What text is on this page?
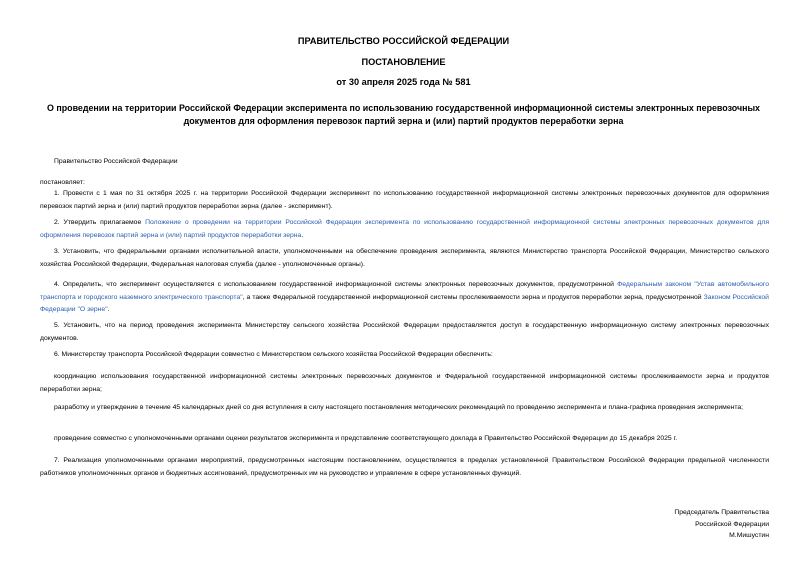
ПРАВИТЕЛЬСТВО РОССИЙСКОЙ ФЕДЕРАЦИИ
ПОСТАНОВЛЕНИЕ
от 30 апреля 2025 года № 581
О проведении на территории Российской Федерации эксперимента по использованию государственной информационной системы электронных перевозочных документов для оформления перевозок партий зерна и (или) партий продуктов переработки зерна
Правительство Российской Федерации
постановляет:
1. Провести с 1 мая по 31 октября 2025 г. на территории Российской Федерации эксперимент по использованию государственной информационной системы электронных перевозочных документов для оформления перевозок партий зерна и (или) партий продуктов переработки зерна (далее - эксперимент).
2. Утвердить прилагаемое Положение о проведении на территории Российской Федерации эксперимента по использованию государственной информационной системы электронных перевозочных документов для оформления перевозок партий зерна и (или) партий продуктов переработки зерна.
3. Установить, что федеральными органами исполнительной власти, уполномоченными на обеспечение проведения эксперимента, являются Министерство транспорта Российской Федерации, Министерство сельского хозяйства Российской Федерации, Федеральная налоговая служба (далее - уполномоченные органы).
4. Определить, что эксперимент осуществляется с использованием государственной информационной системы электронных перевозочных документов, предусмотренной Федеральным законом "Устав автомобильного транспорта и городского наземного электрического транспорта", а также Федеральной государственной информационной системы прослеживаемости зерна и продуктов переработки зерна, предусмотренной Законом Российской Федерации "О зерне".
5. Установить, что на период проведения эксперимента Министерству сельского хозяйства Российской Федерации предоставляется доступ в государственную информационную систему электронных перевозочных документов.
6. Министерству транспорта Российской Федерации совместно с Министерством сельского хозяйства Российской Федерации обеспечить:
координацию использования государственной информационной системы электронных перевозочных документов и Федеральной государственной информационной системы прослеживаемости зерна и продуктов переработки зерна;
разработку и утверждение в течение 45 календарных дней со дня вступления в силу настоящего постановления методических рекомендаций по проведению эксперимента и плана-графика проведения эксперимента;
проведение совместно с уполномоченными органами оценки результатов эксперимента и представление соответствующего доклада в Правительство Российской Федерации до 15 декабря 2025 г.
7. Реализация уполномоченными органами мероприятий, предусмотренных настоящим постановлением, осуществляется в пределах установленной Правительством Российской Федерации предельной численности работников уполномоченных органов и бюджетных ассигнований, предусмотренных им на руководство и управление в сфере установленных функций.
Председатель Правительства
Российской Федерации
М.Мишустин
